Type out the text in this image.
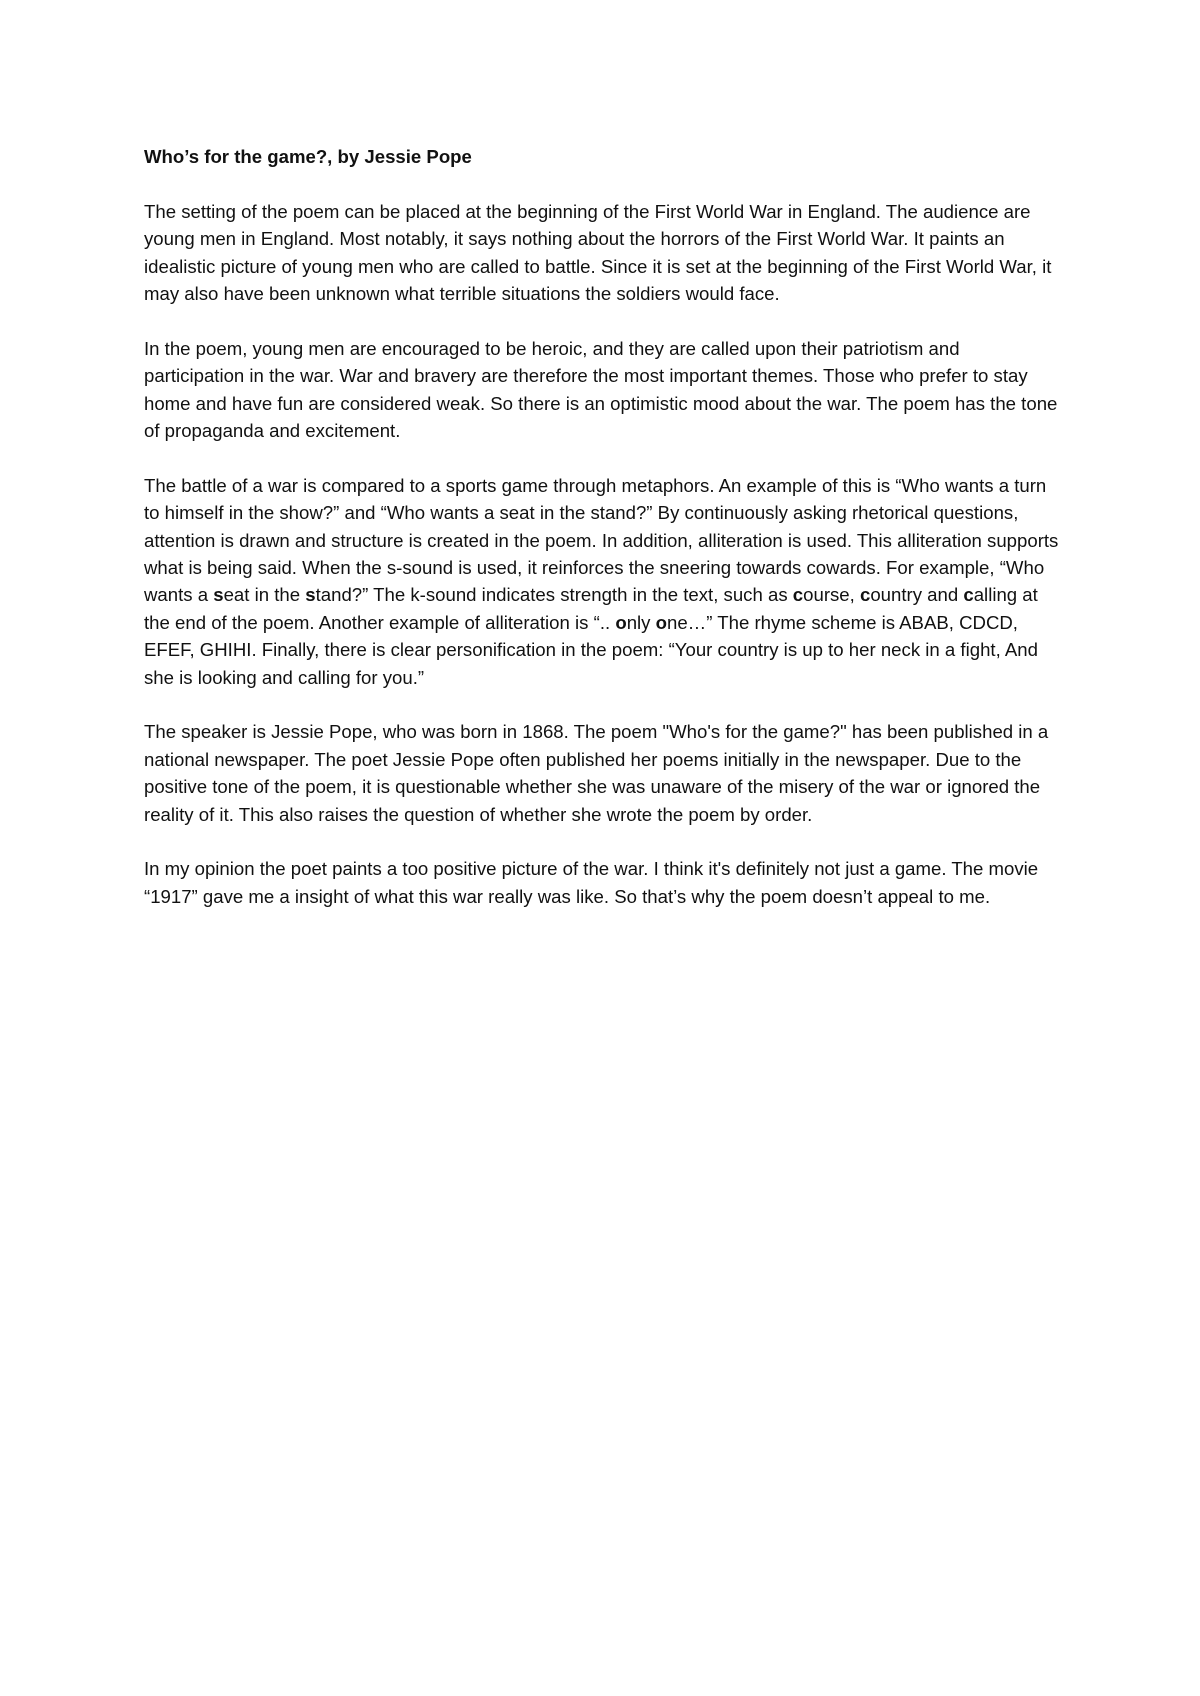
Who’s for the game?, by Jessie Pope
The setting of the poem can be placed at the beginning of the First World War in England. The audience are young men in England. Most notably, it says nothing about the horrors of the First World War. It paints an idealistic picture of young men who are called to battle. Since it is set at the beginning of the First World War, it may also have been unknown what terrible situations the soldiers would face.
In the poem, young men are encouraged to be heroic, and they are called upon their patriotism and participation in the war. War and bravery are therefore the most important themes. Those who prefer to stay home and have fun are considered weak. So there is an optimistic mood about the war. The poem has the tone of propaganda and excitement.
The battle of a war is compared to a sports game through metaphors. An example of this is “Who wants a turn to himself in the show?” and “Who wants a seat in the stand?” By continuously asking rhetorical questions, attention is drawn and structure is created in the poem. In addition, alliteration is used. This alliteration supports what is being said. When the s-sound is used, it reinforces the sneering towards cowards. For example, “Who wants a seat in the stand?” The k-sound indicates strength in the text, such as course, country and calling at the end of the poem. Another example of alliteration is “.. only one…” The rhyme scheme is ABAB, CDCD, EFEF, GHIHI. Finally, there is clear personification in the poem: “Your country is up to her neck in a fight, And she is looking and calling for you.”
The speaker is Jessie Pope, who was born in 1868. The poem "Who's for the game?" has been published in a national newspaper. The poet Jessie Pope often published her poems initially in the newspaper. Due to the positive tone of the poem, it is questionable whether she was unaware of the misery of the war or ignored the reality of it. This also raises the question of whether she wrote the poem by order.
In my opinion the poet paints a too positive picture of the war. I think it's definitely not just a game. The movie “1917” gave me a insight of what this war really was like. So that’s why the poem doesn’t appeal to me.
